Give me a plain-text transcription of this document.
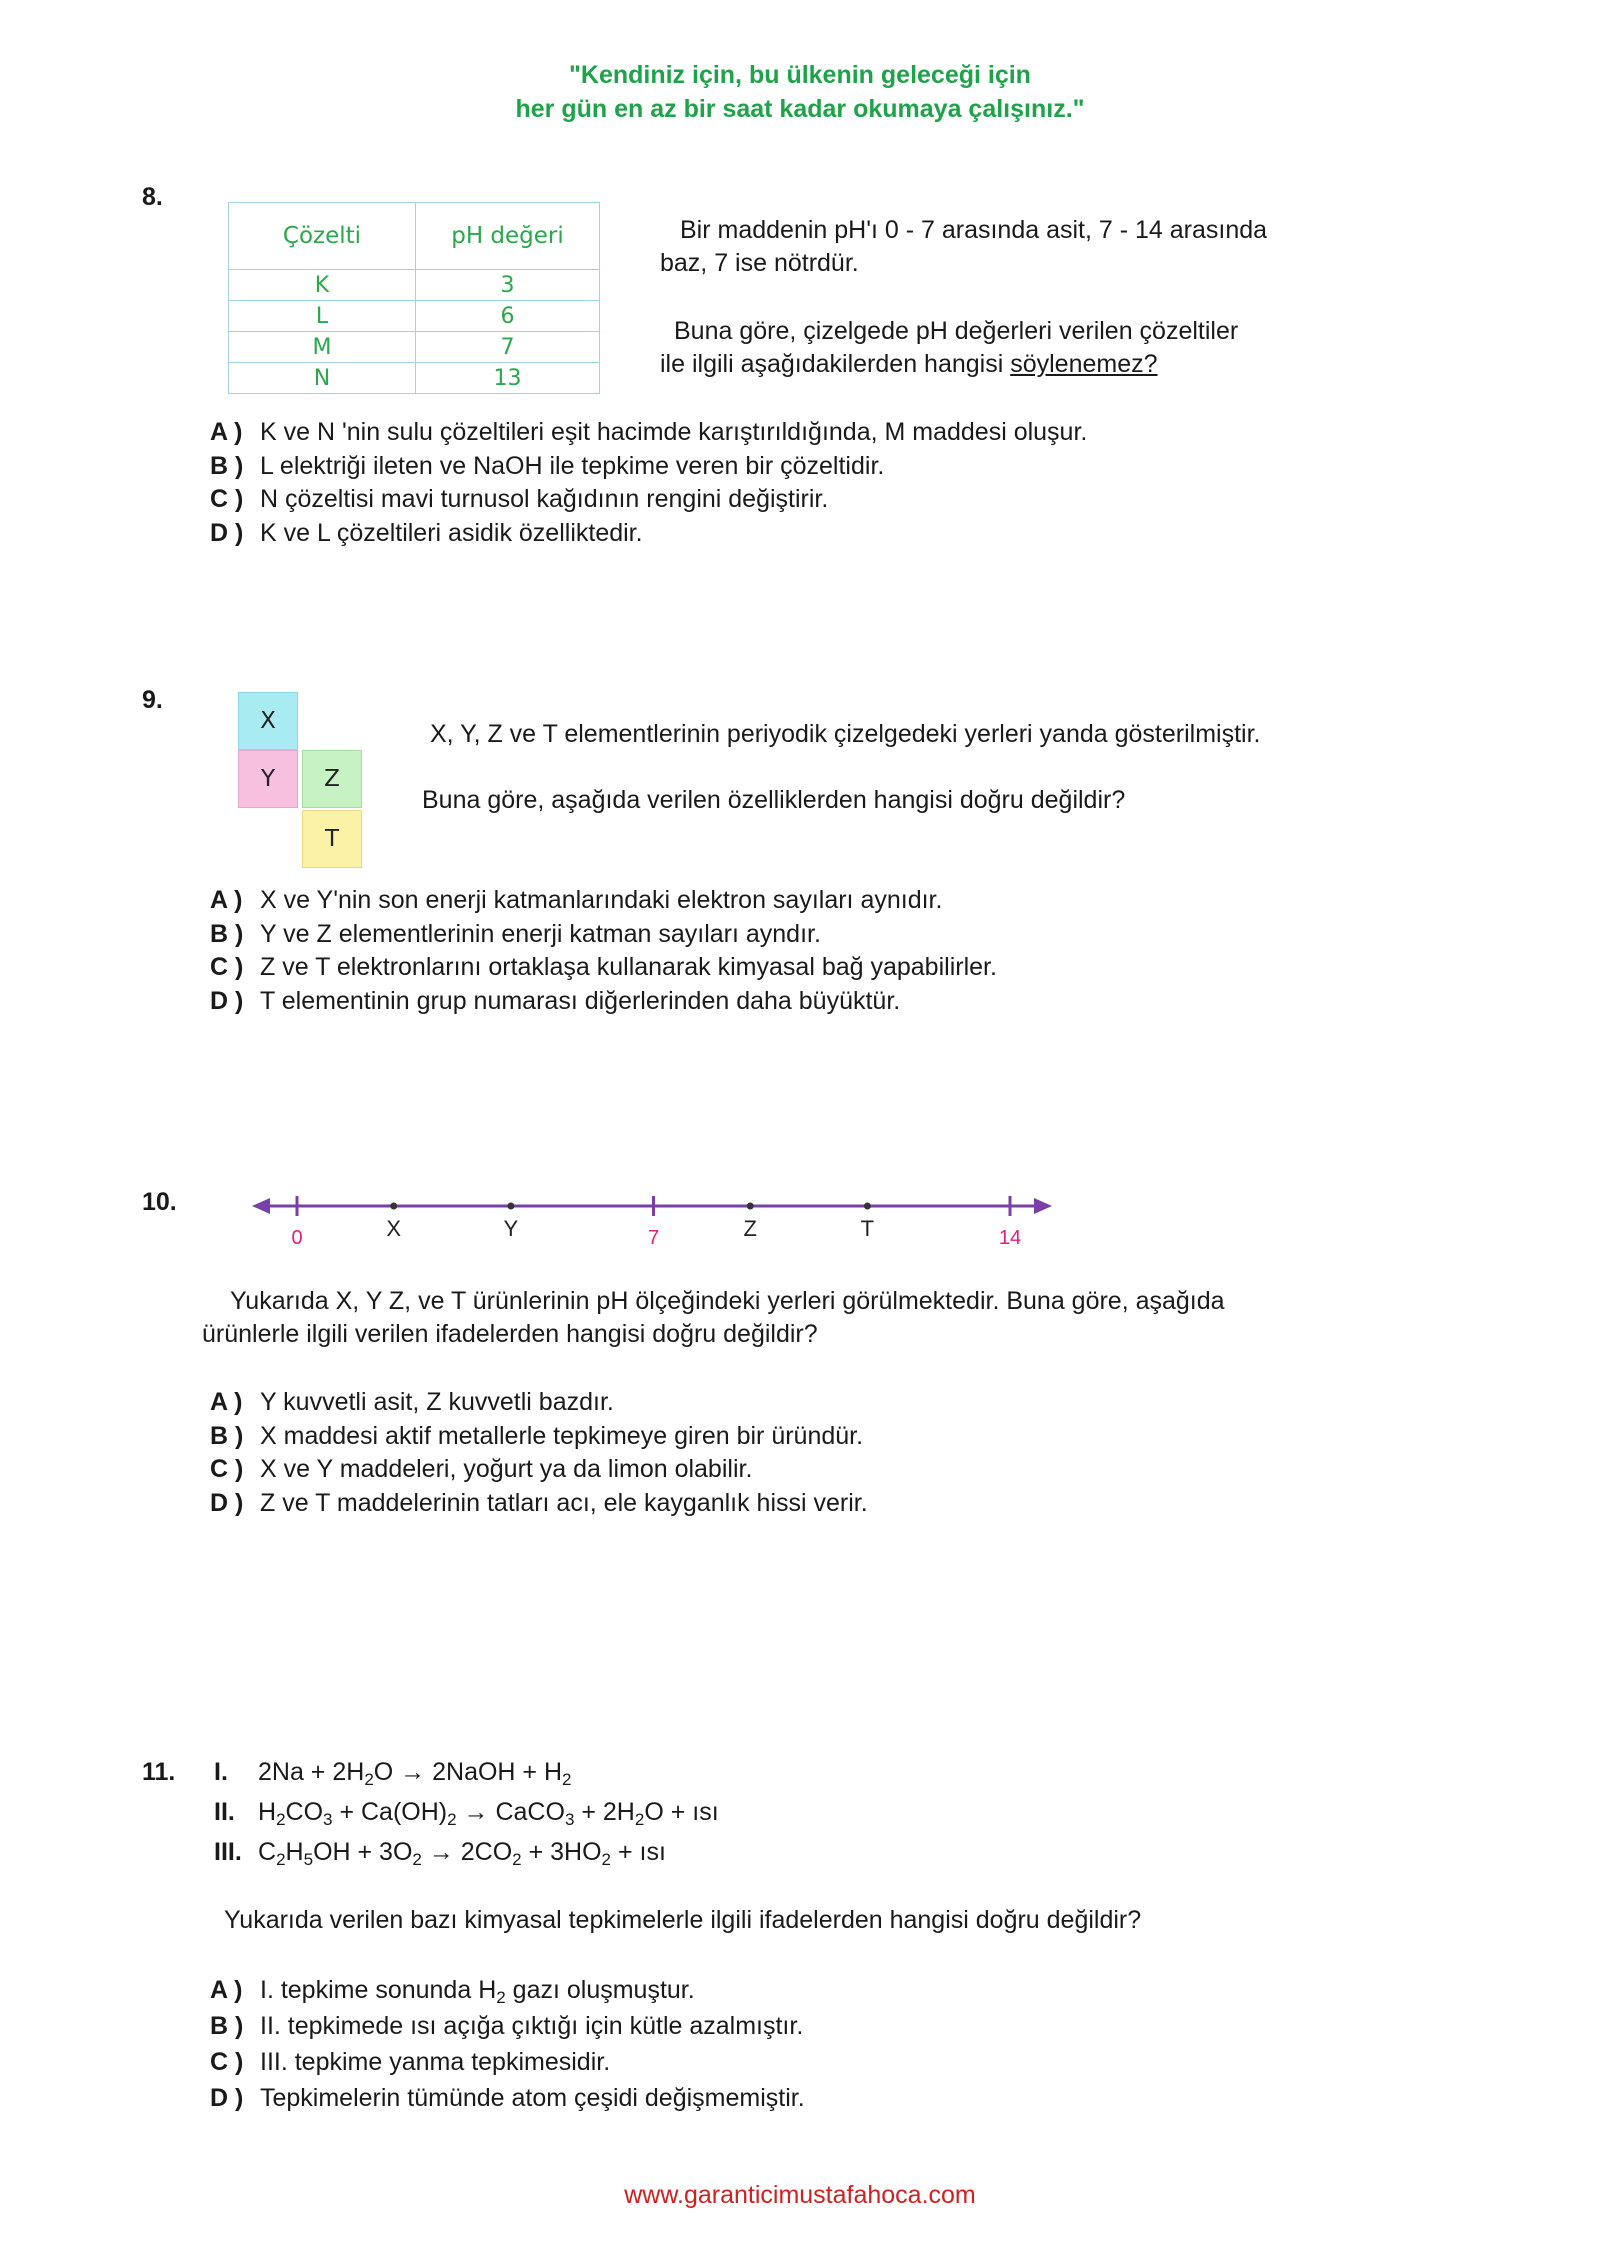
"Kendiniz için, bu ülkenin geleceği için
her gün en az bir saat kadar okumaya çalışınız."
8.
Çözelti	pH değeri
K	3
L	6
M	7
N	13
Bir maddenin pH'ı 0 - 7 arasında asit, 7 - 14 arasında
baz, 7 ise nötrdür.
Buna göre, çizelgede pH değerleri verilen çözeltiler
ile ilgili aşağıdakilerden hangisi söylenemez?
A ) K ve N 'nin sulu çözeltileri eşit hacimde karıştırıldığında, M maddesi oluşur.
B ) L elektriği ileten ve NaOH ile tepkime veren bir çözeltidir.
C ) N çözeltisi mavi turnusol kağıdının rengini değiştirir.
D ) K ve L çözeltileri asidik özelliktedir.
9.
X
Y	Z
T
X, Y, Z ve T elementlerinin periyodik çizelgedeki yerleri yanda gösterilmiştir.
Buna göre, aşağıda verilen özelliklerden hangisi doğru değildir?
A ) X ve Y'nin son enerji katmanlarındaki elektron sayıları aynıdır.
B ) Y ve Z elementlerinin enerji katman sayıları ayndır.
C ) Z ve T elektronlarını ortaklaşa kullanarak kimyasal bağ yapabilirler.
D ) T elementinin grup numarası diğerlerinden daha büyüktür.
10.
0	7	14
X	Y	Z	T
Yukarıda X, Y Z, ve T ürünlerinin pH ölçeğindeki yerleri görülmektedir. Buna göre, aşağıda
ürünlerle ilgili verilen ifadelerden hangisi doğru değildir?
A ) Y kuvvetli asit, Z kuvvetli bazdır.
B ) X maddesi aktif metallerle tepkimeye giren bir üründür.
C ) X ve Y maddeleri, yoğurt ya da limon olabilir.
D ) Z ve T maddelerinin tatları acı, ele kayganlık hissi verir.
11. I. $2Na + 2H_2O$ → 2NaOH + $H_2$
II. $H_2CO_3 + Ca(OH)_2$ → CaCO$_3$ + $2H_2O$ + ısı
III. $C_2H_5OH + 3O_2 \to 2CO_2 + 3HO_2$ + ısı
Yukarıda verilen bazı kimyasal tepkimelerle ilgili ifadelerden hangisi doğru değildir?
A ) I. tepkime sonunda $H_2$ gazı oluşmuştur.
B ) II. tepkimede ısı açığa çıktığı için kütle azalmıştır.
C ) III. tepkime yanma tepkimesidir.
D ) Tepkimelerin tümünde atom çeşidi değişmemiştir.
www.garanticimustafahoca.com
